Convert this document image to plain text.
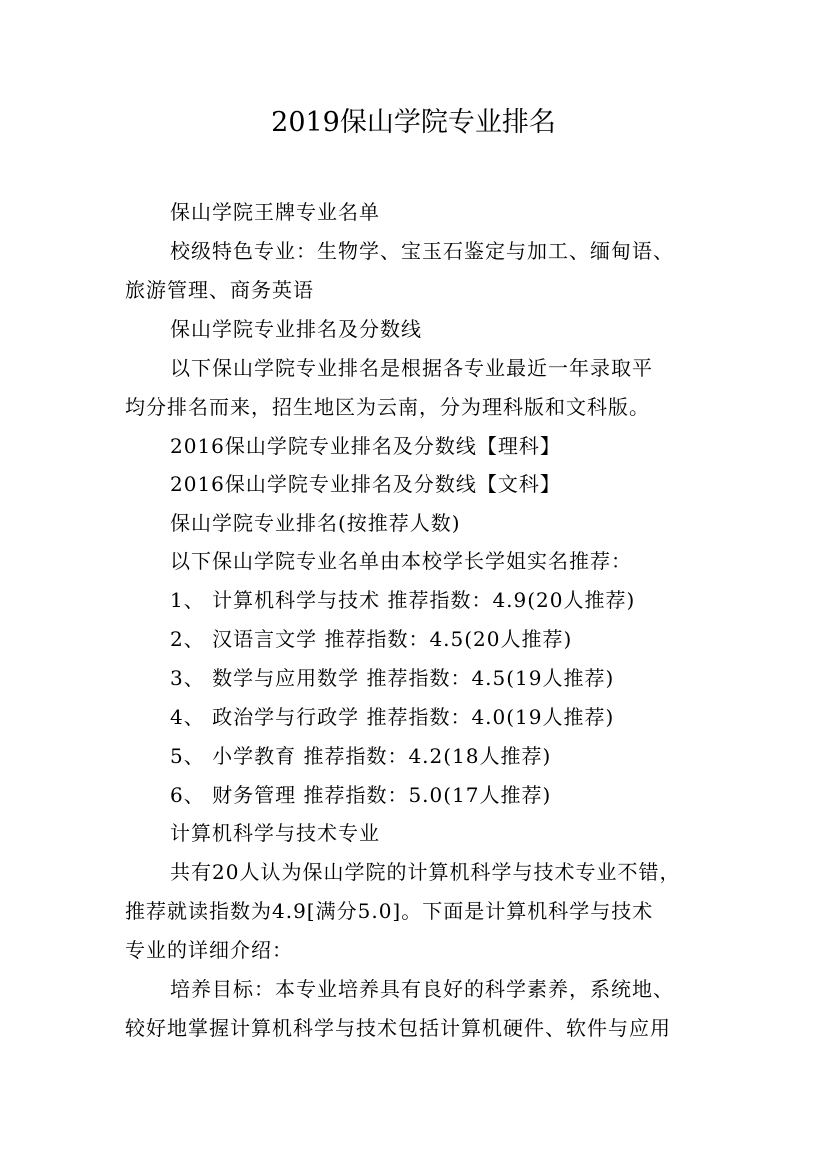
2019保山学院专业排名
保山学院王牌专业名单
校级特色专业：生物学、宝玉石鉴定与加工、缅甸语、
旅游管理、商务英语
保山学院专业排名及分数线
以下保山学院专业排名是根据各专业最近一年录取平
均分排名而来，招生地区为云南，分为理科版和文科版。
2016保山学院专业排名及分数线【理科】
2016保山学院专业排名及分数线【文科】
保山学院专业排名(按推荐人数)
以下保山学院专业名单由本校学长学姐实名推荐：
1、 计算机科学与技术 推荐指数：4.9(20人推荐)
2、 汉语言文学 推荐指数：4.5(20人推荐)
3、 数学与应用数学 推荐指数：4.5(19人推荐)
4、 政治学与行政学 推荐指数：4.0(19人推荐)
5、 小学教育 推荐指数：4.2(18人推荐)
6、 财务管理 推荐指数：5.0(17人推荐)
计算机科学与技术专业
共有20人认为保山学院的计算机科学与技术专业不错，
推荐就读指数为4.9[满分5.0]。下面是计算机科学与技术
专业的详细介绍：
培养目标：本专业培养具有良好的科学素养，系统地、
较好地掌握计算机科学与技术包括计算机硬件、软件与应用
